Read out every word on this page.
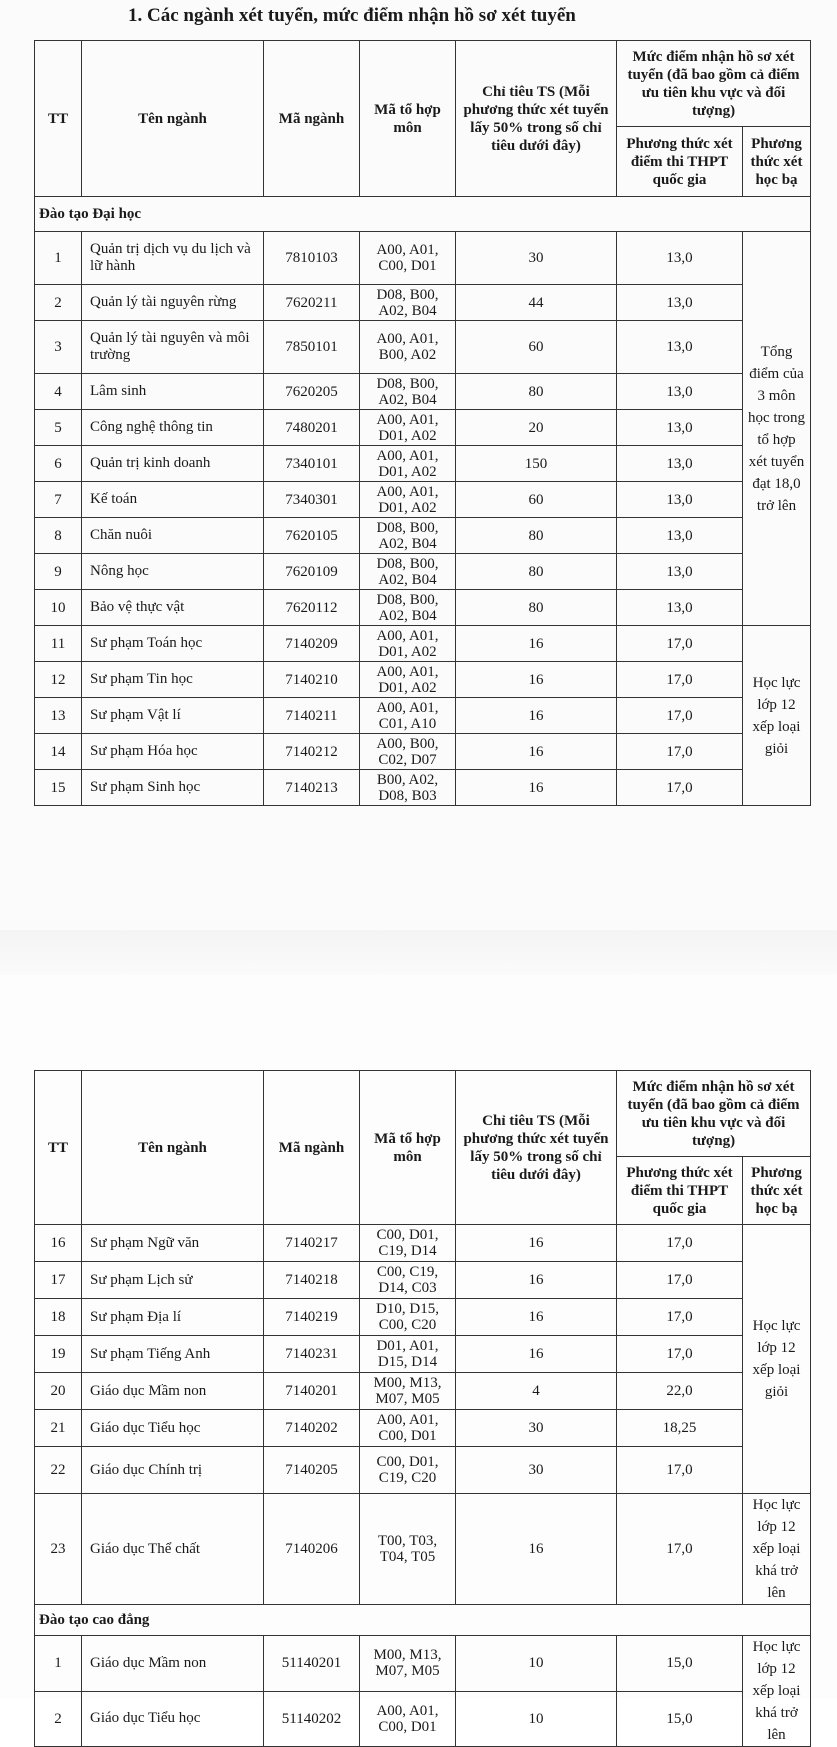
1. Các ngành xét tuyển, mức điểm nhận hồ sơ xét tuyển
TT	Tên ngành	Mã ngành	Mã tổ hợp môn	Chỉ tiêu TS (Mỗi phương thức xét tuyển lấy 50% trong số chỉ tiêu dưới đây)	Mức điểm nhận hồ sơ xét tuyển (đã bao gồm cả điểm ưu tiên khu vực và đối tượng)	
					Phương thức xét điểm thi THPT quốc gia	Phương thức xét học bạ
Đào tạo Đại học						
1	Quản trị dịch vụ du lịch và lữ hành	7810103	A00, A01, C00, D01	30	13,0	Tổng điểm của 3 môn học trong tổ hợp xét tuyển đạt 18,0 trở lên
2	Quản lý tài nguyên rừng	7620211	D08, B00, A02, B04	44	13,0	
3	Quản lý tài nguyên và môi trường	7850101	A00, A01, B00, A02	60	13,0	
4	Lâm sinh	7620205	D08, B00, A02, B04	80	13,0	
5	Công nghệ thông tin	7480201	A00, A01, D01, A02	20	13,0	
6	Quản trị kinh doanh	7340101	A00, A01, D01, A02	150	13,0	
7	Kế toán	7340301	A00, A01, D01, A02	60	13,0	
8	Chăn nuôi	7620105	D08, B00, A02, B04	80	13,0	
9	Nông học	7620109	D08, B00, A02, B04	80	13,0	
10	Bảo vệ thực vật	7620112	D08, B00, A02, B04	80	13,0	
11	Sư phạm Toán học	7140209	A00, A01, D01, A02	16	17,0	Học lực lớp 12 xếp loại giỏi
12	Sư phạm Tin học	7140210	A00, A01, D01, A02	16	17,0	
13	Sư phạm Vật lí	7140211	A00, A01, C01, A10	16	17,0	
14	Sư phạm Hóa học	7140212	A00, B00, C02, D07	16	17,0	
15	Sư phạm Sinh học	7140213	B00, A02, D08, B03	16	17,0	
TT	Tên ngành	Mã ngành	Mã tổ hợp môn	Chỉ tiêu TS (Mỗi phương thức xét tuyển lấy 50% trong số chỉ tiêu dưới đây)	Mức điểm nhận hồ sơ xét tuyển (đã bao gồm cả điểm ưu tiên khu vực và đối tượng)	
					Phương thức xét điểm thi THPT quốc gia	Phương thức xét học bạ
16	Sư phạm Ngữ văn	7140217	C00, D01, C19, D14	16	17,0	Học lực lớp 12 xếp loại giỏi
17	Sư phạm Lịch sử	7140218	C00, C19, D14, C03	16	17,0	
18	Sư phạm Địa lí	7140219	D10, D15, C00, C20	16	17,0	
19	Sư phạm Tiếng Anh	7140231	D01, A01, D15, D14	16	17,0	
20	Giáo dục Mầm non	7140201	M00, M13, M07, M05	4	22,0	
21	Giáo dục Tiểu học	7140202	A00, A01, C00, D01	30	18,25	
22	Giáo dục Chính trị	7140205	C00, D01, C19, C20	30	17,0	
23	Giáo dục Thể chất	7140206	T00, T03, T04, T05	16	17,0	Học lực lớp 12 xếp loại khá trở lên
Đào tạo cao đẳng						
1	Giáo dục Mầm non	51140201	M00, M13, M07, M05	10	15,0	Học lực lớp 12 xếp loại khá trở lên
2	Giáo dục Tiểu học	51140202	A00, A01, C00, D01	10	15,0	
